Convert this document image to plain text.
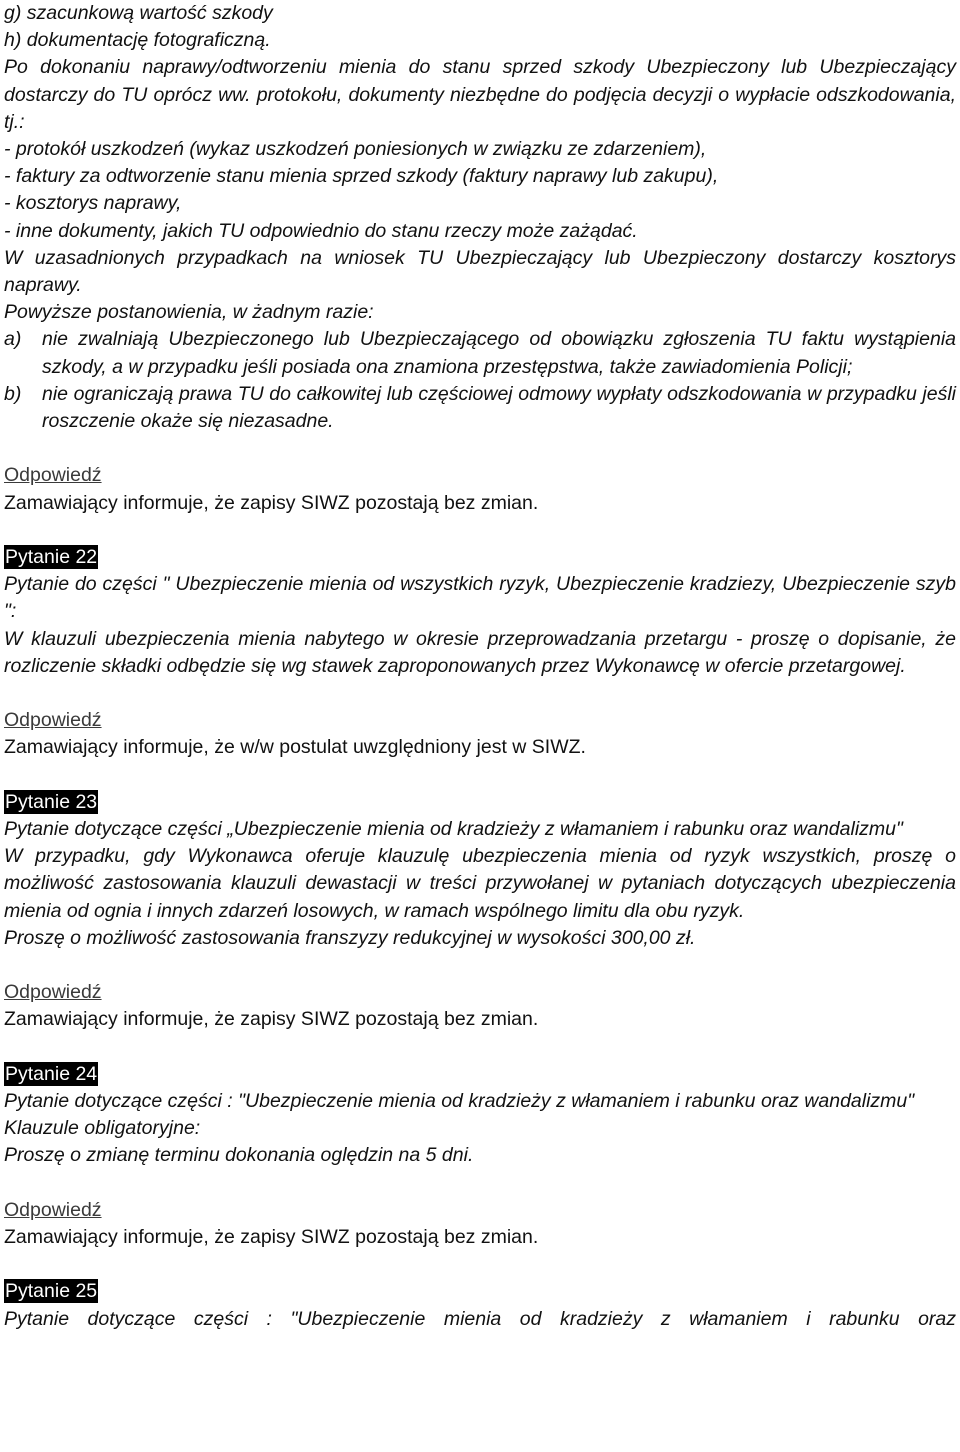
g) szacunkową wartość szkody

h) dokumentację fotograficzną.

Po dokonaniu naprawy/odtworzeniu mienia do stanu sprzed szkody Ubezpieczony lub Ubezpieczający dostarczy do TU oprócz ww. protokołu, dokumenty niezbędne do podjęcia decyzji o wypłacie odszkodowania, tj.:

- protokół uszkodzeń (wykaz uszkodzeń poniesionych w związku ze zdarzeniem),

- faktury za odtworzenie stanu mienia sprzed szkody (faktury naprawy lub zakupu),

- kosztorys naprawy,

- inne dokumenty, jakich TU odpowiednio do stanu rzeczy może zażądać.

W uzasadnionych przypadkach na wniosek TU Ubezpieczający lub Ubezpieczony dostarczy kosztorys naprawy.

Powyższe postanowienia, w żadnym razie:

a) nie zwalniają Ubezpieczonego lub Ubezpieczającego od obowiązku zgłoszenia TU faktu wystąpienia szkody, a w przypadku jeśli posiada ona znamiona przestępstwa, także zawiadomienia Policji;
b) nie ograniczają prawa TU do całkowitej lub częściowej odmowy wypłaty odszkodowania w przypadku jeśli roszczenie okaże się niezasadne.

Odpowiedź

Zamawiający informuje, że zapisy SIWZ pozostają bez zmian.

Pytanie 22

Pytanie do części " Ubezpieczenie mienia od wszystkich ryzyk, Ubezpieczenie kradziezy, Ubezpieczenie szyb ":

W klauzuli ubezpieczenia mienia nabytego w okresie przeprowadzania przetargu - proszę o dopisanie, że rozliczenie składki odbędzie się wg stawek zaproponowanych przez Wykonawcę w ofercie przetargowej.

Odpowiedź

Zamawiający informuje, że w/w postulat uwzględniony jest w SIWZ.

Pytanie 23

Pytanie dotyczące części „Ubezpieczenie mienia od kradzieży z włamaniem i rabunku oraz wandalizmu"

W przypadku, gdy Wykonawca oferuje klauzulę ubezpieczenia mienia od ryzyk wszystkich, proszę o możliwość zastosowania klauzuli dewastacji w treści przywołanej w pytaniach dotyczących ubezpieczenia mienia od ognia i innych zdarzeń losowych, w ramach wspólnego limitu dla obu ryzyk.

Proszę o możliwość zastosowania franszyzy redukcyjnej w wysokości 300,00 zł.

Odpowiedź

Zamawiający informuje, że zapisy SIWZ pozostają bez zmian.

Pytanie 24

Pytanie dotyczące części : "Ubezpieczenie mienia od kradzieży z włamaniem i rabunku oraz wandalizmu"

Klauzule obligatoryjne:

Proszę o zmianę terminu dokonania oględzin na 5 dni.

Odpowiedź

Zamawiający informuje, że zapisy SIWZ pozostają bez zmian.

Pytanie 25

Pytanie dotyczące części : "Ubezpieczenie mienia od kradzieży z włamaniem i rabunku oraz
